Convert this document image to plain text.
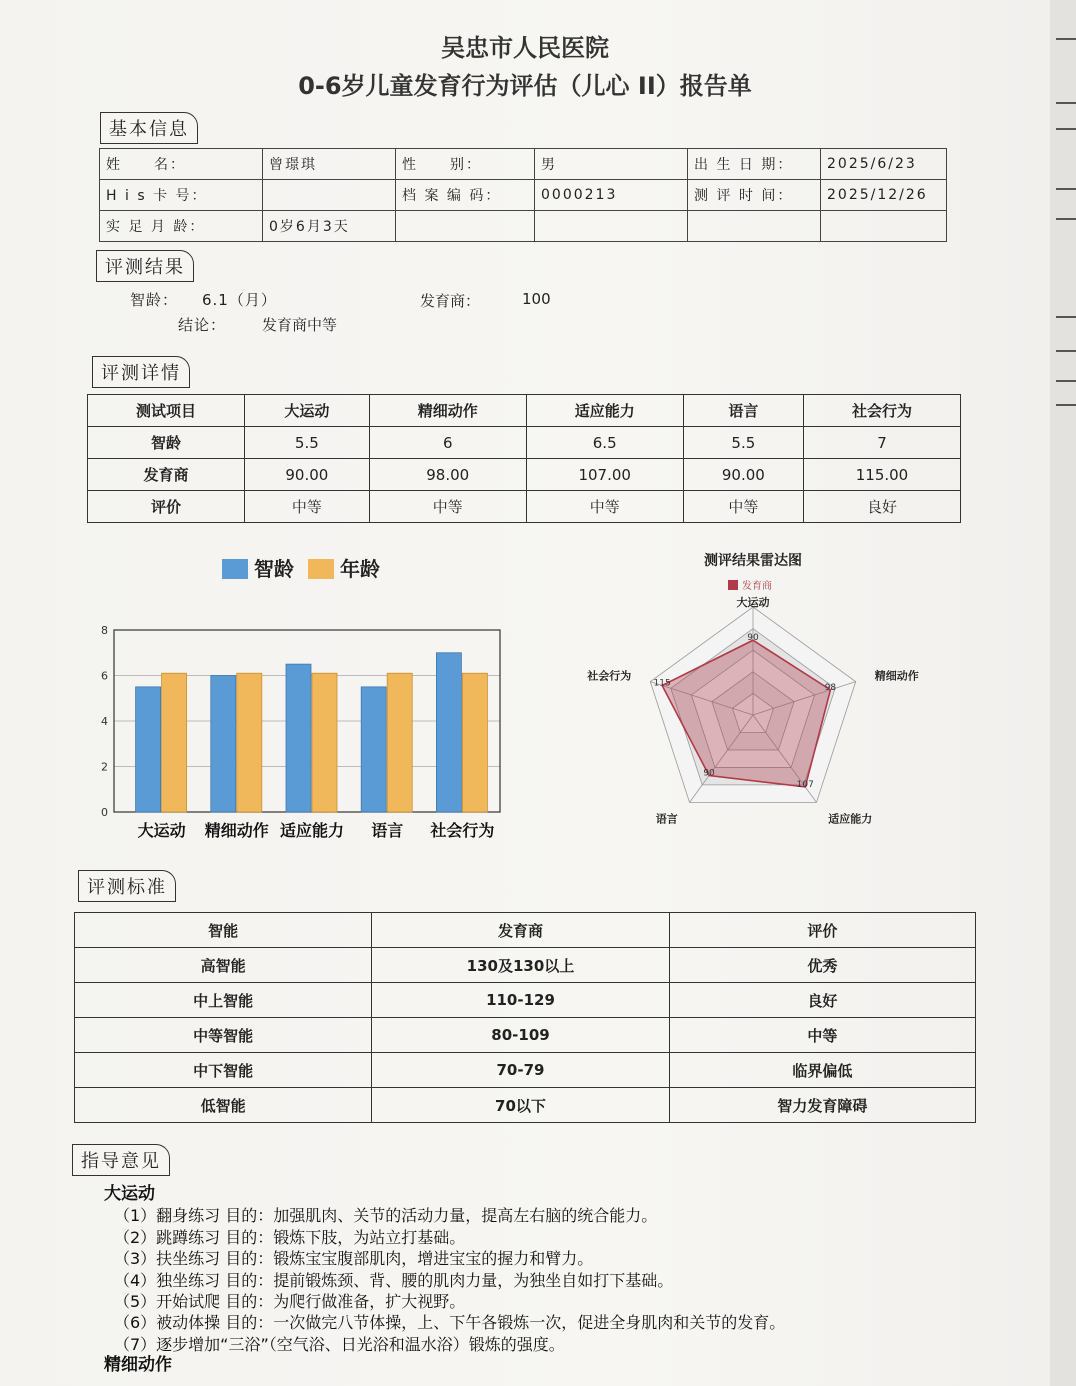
吴忠市人民医院
0-6岁儿童发育行为评估（儿心 II）报告单
基本信息
姓　　名：	曾璟琪	性　　别：	男	出 生 日 期：	2025/6/23
H i s 卡 号：		档 案 编 码：	0000213	测 评 时 间：	2025/12/26
实 足 月 龄：	0岁6月3天				
评测结果
智龄： 6.1（月）	发育商：	100
结论： 发育商中等
评测详情
测试项目	大运动	精细动作	适应能力	语言	社会行为
智龄	5.5	6	6.5	5.5	7
发育商	90.00	98.00	107.00	90.00	115.00
评价	中等	中等	中等	中等	良好
智龄 年龄
0
2
4
6
8
大运动 精细动作 适应能力 语言 社会行为
测评结果雷达图
发育商
90
98
107
90
115
大运动
精细动作
适应能力
语言
社会行为
评测标准
智能	发育商	评价
高智能	130及130以上	优秀
中上智能	110-129	良好
中等智能	80-109	中等
中下智能	70-79	临界偏低
低智能	70以下	智力发育障碍
指导意见
大运动
（1）翻身练习 目的：加强肌肉、关节的活动力量，提高左右脑的统合能力。
（2）跳蹲练习 目的：锻炼下肢，为站立打基础。
（3）扶坐练习 目的：锻炼宝宝腹部肌肉，增进宝宝的握力和臂力。
（4）独坐练习 目的：提前锻炼颈、背、腰的肌肉力量，为独坐自如打下基础。
（5）开始试爬 目的：为爬行做准备，扩大视野。
（6）被动体操 目的：一次做完八节体操，上、下午各锻炼一次，促进全身肌肉和关节的发育。
（7）逐步增加“三浴”（空气浴、日光浴和温水浴）锻炼的强度。
精细动作
